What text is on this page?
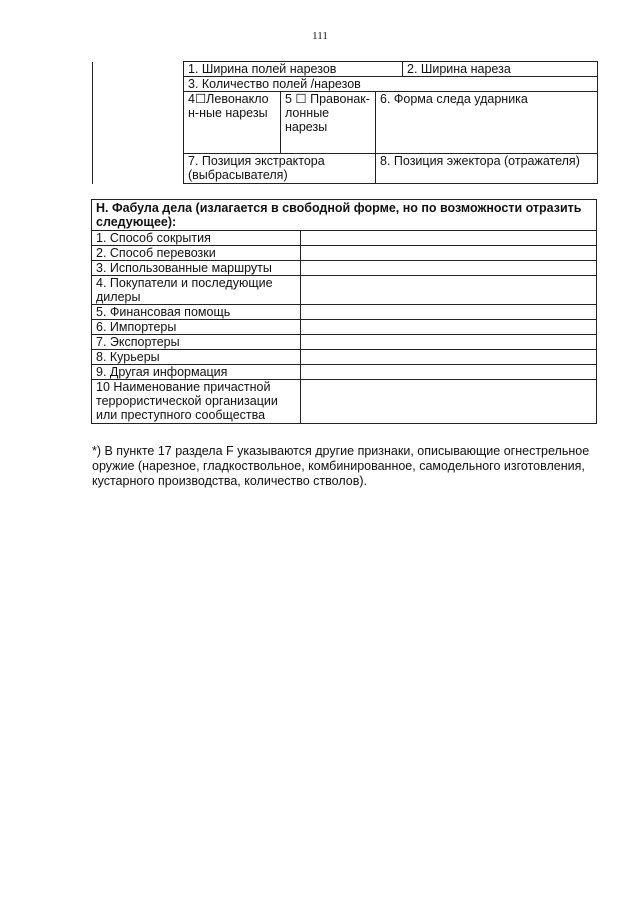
111

1. Ширина полей нарезов	2. Ширина нареза

3. Количество полей /нарезов
4☐Левонакло н-ные нарезы	5 ☐ Правонак- лонные нарезы	6. Форма следа ударника
7. Позиция экстрактора (выбрасывателя)	8. Позиция эжектора (отражателя)
H. Фабула дела (излагается в свободной форме, но по возможности отразить следующее):	
1. Способ сокрытия	
2. Способ перевозки	
3. Использованные маршруты	
4. Покупатели и последующие дилеры	
5. Финансовая помощь	
6. Импортеры	
7. Экспортеры	
8. Курьеры	
9. Другая информация	
10 Наименование причастной террористической организации или преступного сообщества	
*) В пункте 17 раздела F указываются другие признаки, описывающие огнестрельное оружие (нарезное, гладкоствольное, комбинированное, самодельного изготовления, кустарного производства, количество стволов).
